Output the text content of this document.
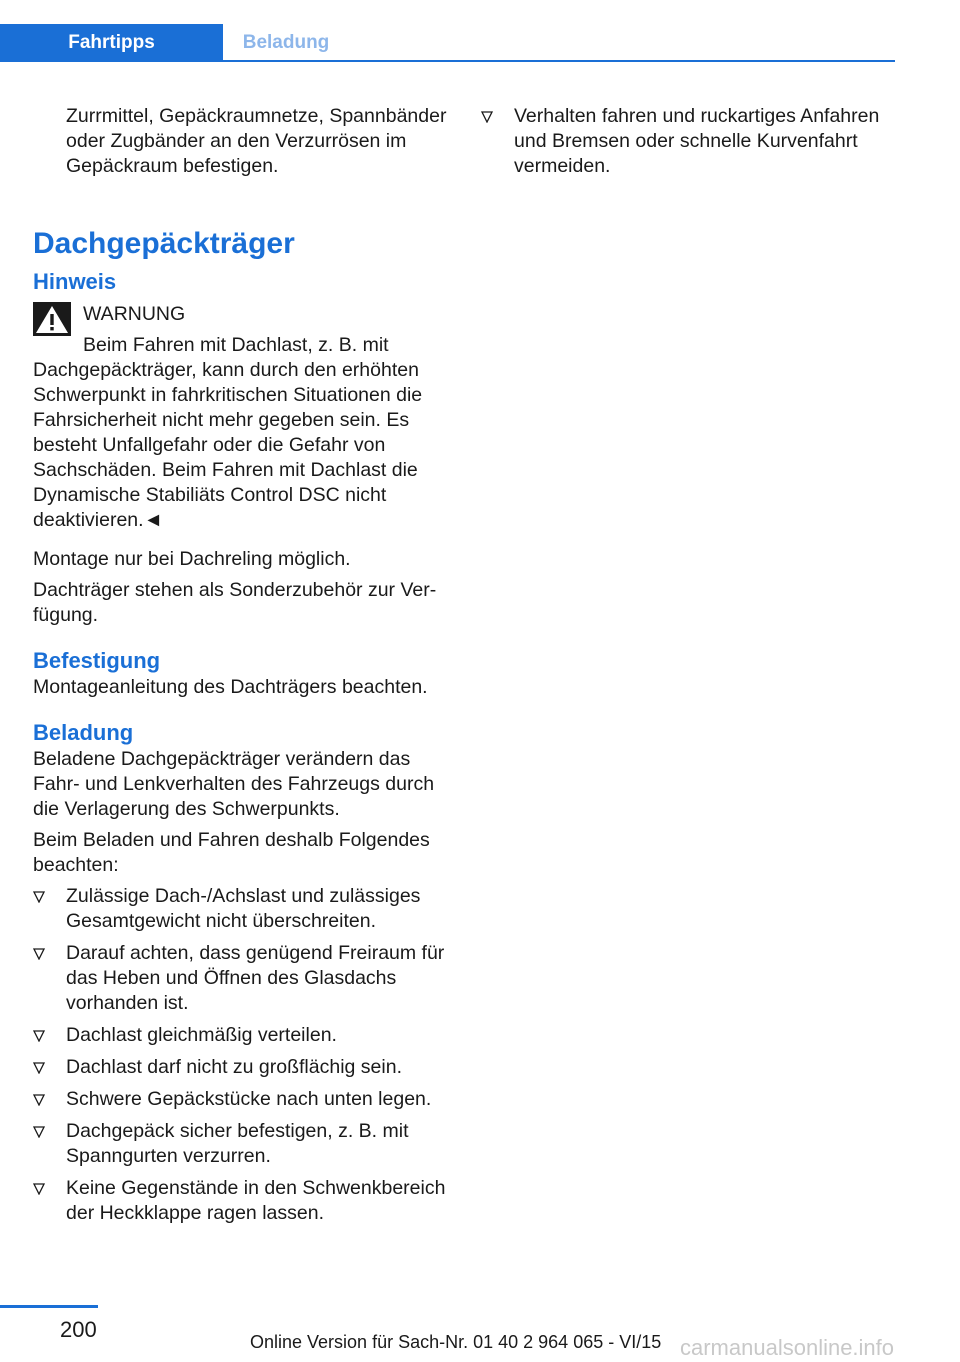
Fahrtipps	Beladung

Zurrmittel, Gepäckraumnetze, Spannbänder oder Zugbänder an den Verzurrösen im Gepäckraum befestigen.

Dachgepäckträger

Hinweis

WARNUNG

Beim Fahren mit Dachlast, z. B. mit

Dachgepäckträger, kann durch den erhöhten Schwerpunkt in fahrkritischen Situationen die Fahrsicherheit nicht mehr gegeben sein. Es besteht Unfallgefahr oder die Gefahr von Sachschäden. Beim Fahren mit Dachlast die Dynamische Stabiliäts Control DSC nicht deaktivieren.◄

Montage nur bei Dachreling möglich.

Dachträger stehen als Sonderzubehör zur Verfügung.

Befestigung

Montageanleitung des Dachträgers beachten.

Beladung

Beladene Dachgepäckträger verändern das Fahr- und Lenkverhalten des Fahrzeugs durch die Verlagerung des Schwerpunkts.

Beim Beladen und Fahren deshalb Folgendes beachten:

Zulässige Dach-/Achslast und zulässiges Gesamtgewicht nicht überschreiten.
Darauf achten, dass genügend Freiraum für das Heben und Öffnen des Glasdachs vorhanden ist.
Dachlast gleichmäßig verteilen.
Dachlast darf nicht zu großflächig sein.
Schwere Gepäckstücke nach unten legen.
Dachgepäck sicher befestigen, z. B. mit Spanngurten verzurren.
Keine Gegenstände in den Schwenkbereich der Heckklappe ragen lassen.
Verhalten fahren und ruckartiges Anfahren und Bremsen oder schnelle Kurvenfahrt vermeiden.
200	Online Version für Sach-Nr. 01 40 2 964 065 - VI/15 carmanualsonline.info
